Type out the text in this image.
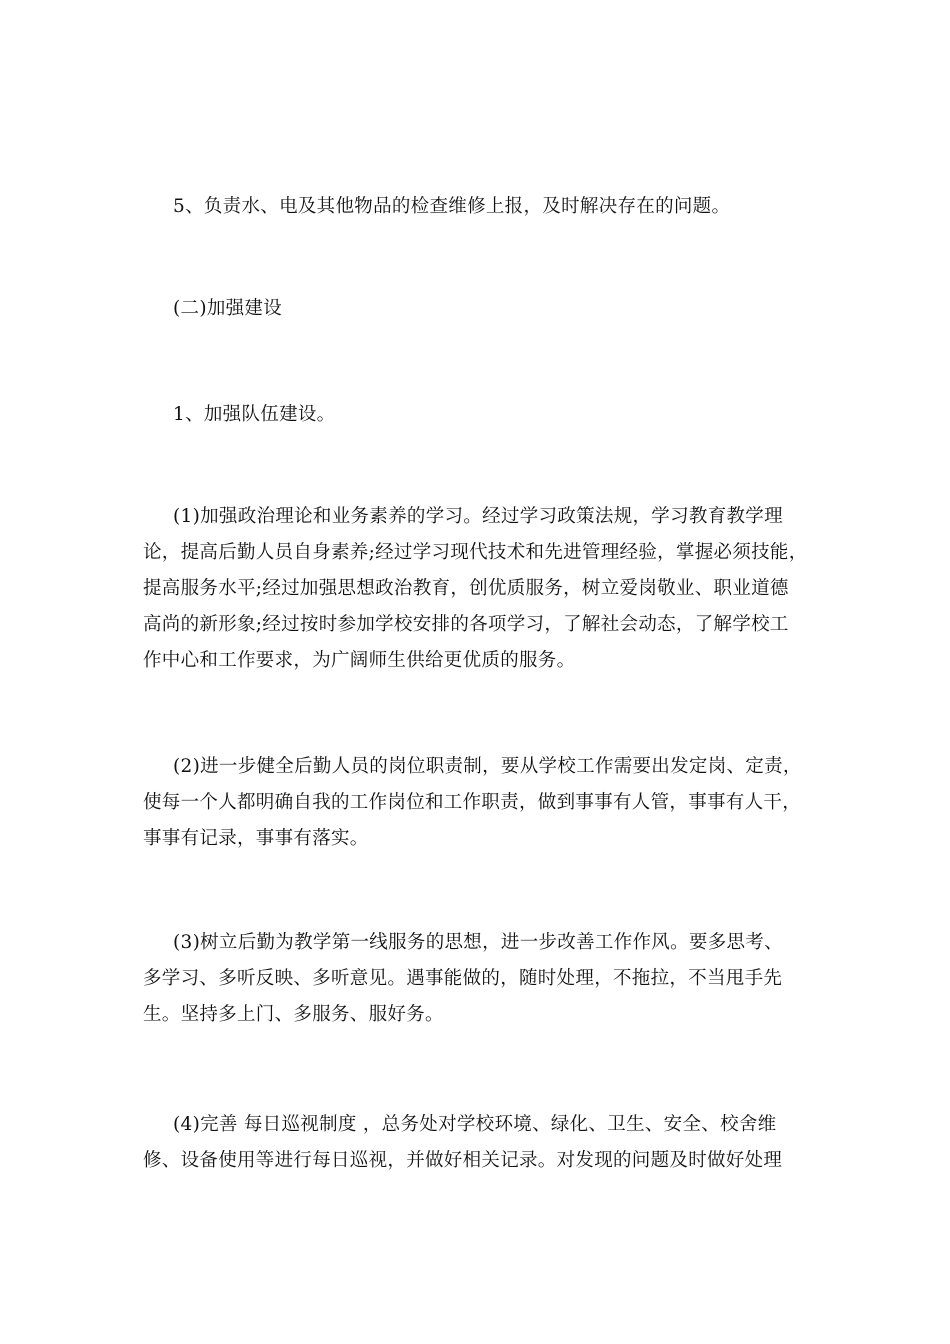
5、负责水、电及其他物品的检查维修上报，及时解决存在的问题。

(二)加强建设

1、加强队伍建设。

(1)加强政治理论和业务素养的学习。经过学习政策法规，学习教育教学理
论，提高后勤人员自身素养;经过学习现代技术和先进管理经验，掌握必须技能，
提高服务水平;经过加强思想政治教育，创优质服务，树立爱岗敬业、职业道德
高尚的新形象;经过按时参加学校安排的各项学习，了解社会动态，了解学校工
作中心和工作要求，为广阔师生供给更优质的服务。

(2)进一步健全后勤人员的岗位职责制，要从学校工作需要出发定岗、定责，
使每一个人都明确自我的工作岗位和工作职责，做到事事有人管，事事有人干，
事事有记录，事事有落实。

(3)树立后勤为教学第一线服务的思想，进一步改善工作作风。要多思考、
多学习、多听反映、多听意见。遇事能做的，随时处理，不拖拉，不当甩手先
生。坚持多上门、多服务、服好务。

(4)完善 每日巡视制度 ，总务处对学校环境、绿化、卫生、安全、校舍维
修、设备使用等进行每日巡视，并做好相关记录。对发现的问题及时做好处理
